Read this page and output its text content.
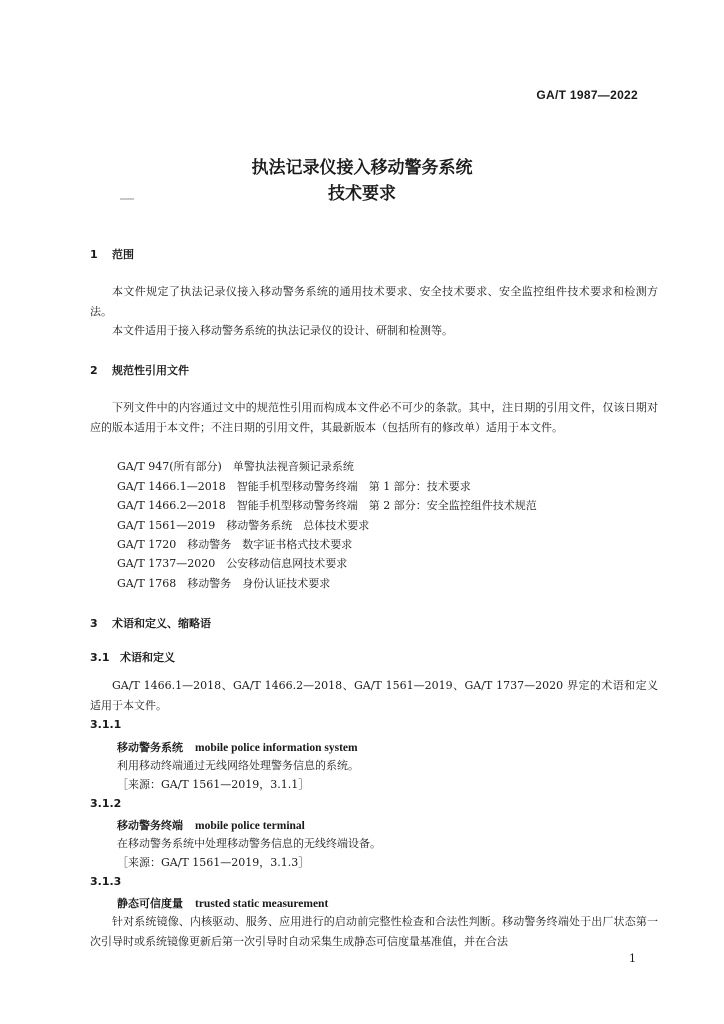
GA/T 1987—2022
执法记录仪接入移动警务系统
技术要求
1 范围
本文件规定了执法记录仪接入移动警务系统的通用技术要求、安全技术要求、安全监控组件技术要求和检测方法。
本文件适用于接入移动警务系统的执法记录仪的设计、研制和检测等。
2 规范性引用文件
下列文件中的内容通过文中的规范性引用而构成本文件必不可少的条款。其中，注日期的引用文件，仅该日期对应的版本适用于本文件；不注日期的引用文件，其最新版本（包括所有的修改单）适用于本文件。
GA/T 947(所有部分)　单警执法视音频记录系统
GA/T 1466.1—2018　智能手机型移动警务终端　第 1 部分：技术要求
GA/T 1466.2—2018　智能手机型移动警务终端　第 2 部分：安全监控组件技术规范
GA/T 1561—2019　移动警务系统　总体技术要求
GA/T 1720　移动警务　数字证书格式技术要求
GA/T 1737—2020　公安移动信息网技术要求
GA/T 1768　移动警务　身份认证技术要求
3 术语和定义、缩略语
3.1 术语和定义
GA/T 1466.1—2018、GA/T 1466.2—2018、GA/T 1561—2019、GA/T 1737—2020 界定的术语和定义适用于本文件。
3.1.1
移动警务系统 mobile police information system
利用移动终端通过无线网络处理警务信息的系统。
［来源：GA/T 1561—2019，3.1.1］
3.1.2
移动警务终端 mobile police terminal
在移动警务系统中处理移动警务信息的无线终端设备。
［来源：GA/T 1561—2019，3.1.3］
3.1.3
静态可信度量 trusted static measurement
针对系统镜像、内核驱动、服务、应用进行的启动前完整性检查和合法性判断。移动警务终端处于出厂状态第一次引导时或系统镜像更新后第一次引导时自动采集生成静态可信度量基准值，并在合法
1
